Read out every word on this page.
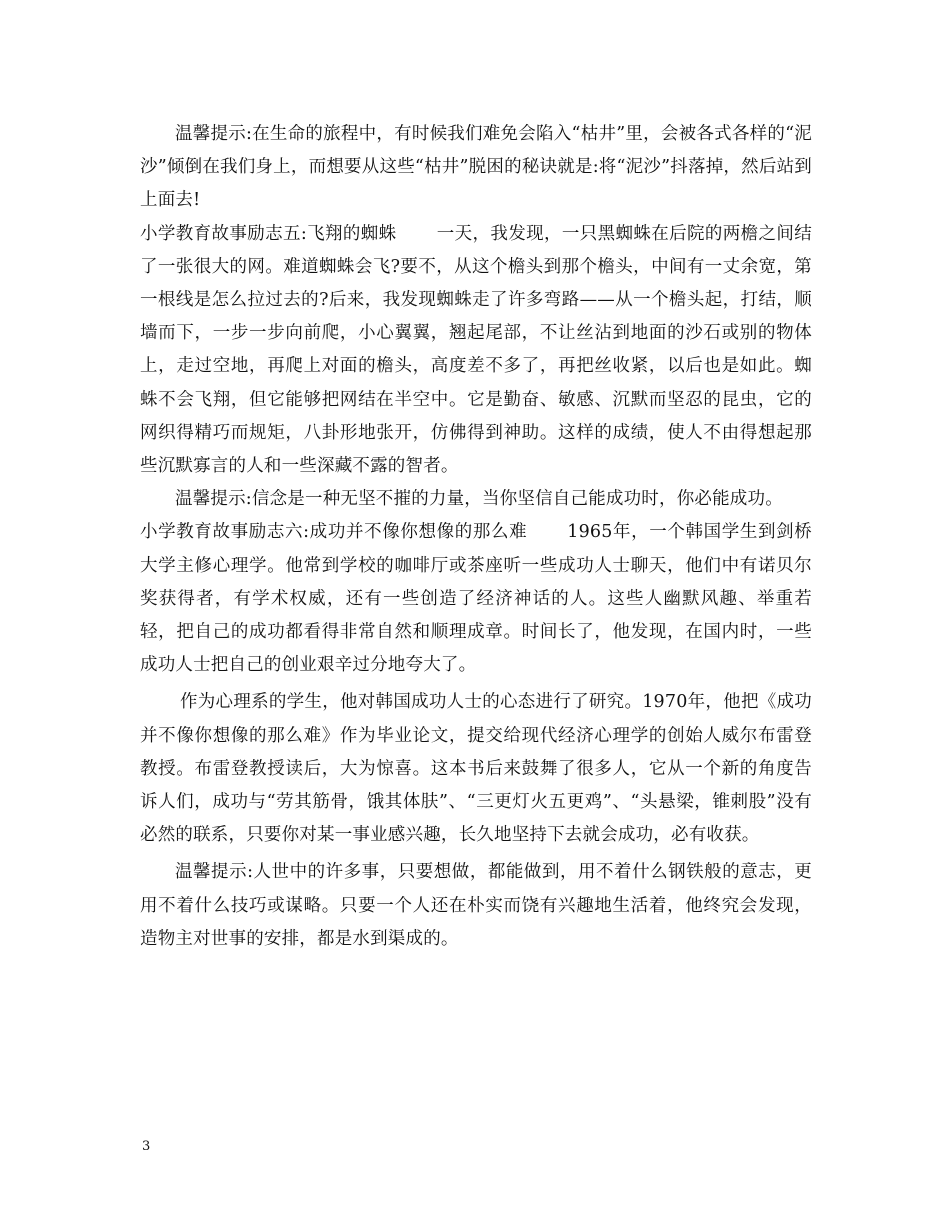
温馨提示:在生命的旅程中，有时候我们难免会陷入“枯井”里，会被各式各样的“泥沙”倾倒在我们身上，而想要从这些“枯井”脱困的秘诀就是:将“泥沙”抖落掉，然后站到上面去!

小学教育故事励志五:飞翔的蜘蛛 一天，我发现，一只黑蜘蛛在后院的两檐之间结了一张很大的网。难道蜘蛛会飞?要不，从这个檐头到那个檐头，中间有一丈余宽，第一根线是怎么拉过去的?后来，我发现蜘蛛走了许多弯路——从一个檐头起，打结，顺墙而下，一步一步向前爬，小心翼翼，翘起尾部，不让丝沾到地面的沙石或别的物体上，走过空地，再爬上对面的檐头，高度差不多了，再把丝收紧，以后也是如此。蜘蛛不会飞翔，但它能够把网结在半空中。它是勤奋、敏感、沉默而坚忍的昆虫，它的网织得精巧而规矩，八卦形地张开，仿佛得到神助。这样的成绩，使人不由得想起那些沉默寡言的人和一些深藏不露的智者。

温馨提示:信念是一种无坚不摧的力量，当你坚信自己能成功时，你必能成功。

小学教育故事励志六:成功并不像你想像的那么难 1965年，一个韩国学生到剑桥大学主修心理学。他常到学校的咖啡厅或茶座听一些成功人士聊天，他们中有诺贝尔奖获得者，有学术权威，还有一些创造了经济神话的人。这些人幽默风趣、举重若轻，把自己的成功都看得非常自然和顺理成章。时间长了，他发现，在国内时，一些成功人士把自己的创业艰辛过分地夸大了。

作为心理系的学生，他对韩国成功人士的心态进行了研究。1970年，他把《成功并不像你想像的那么难》作为毕业论文，提交给现代经济心理学的创始人威尔布雷登教授。布雷登教授读后，大为惊喜。这本书后来鼓舞了很多人，它从一个新的角度告诉人们，成功与“劳其筋骨，饿其体肤”、“三更灯火五更鸡”、“头悬梁，锥刺股”没有必然的联系，只要你对某一事业感兴趣，长久地坚持下去就会成功，必有收获。

温馨提示:人世中的许多事，只要想做，都能做到，用不着什么钢铁般的意志，更用不着什么技巧或谋略。只要一个人还在朴实而饶有兴趣地生活着，他终究会发现，造物主对世事的安排，都是水到渠成的。

3
